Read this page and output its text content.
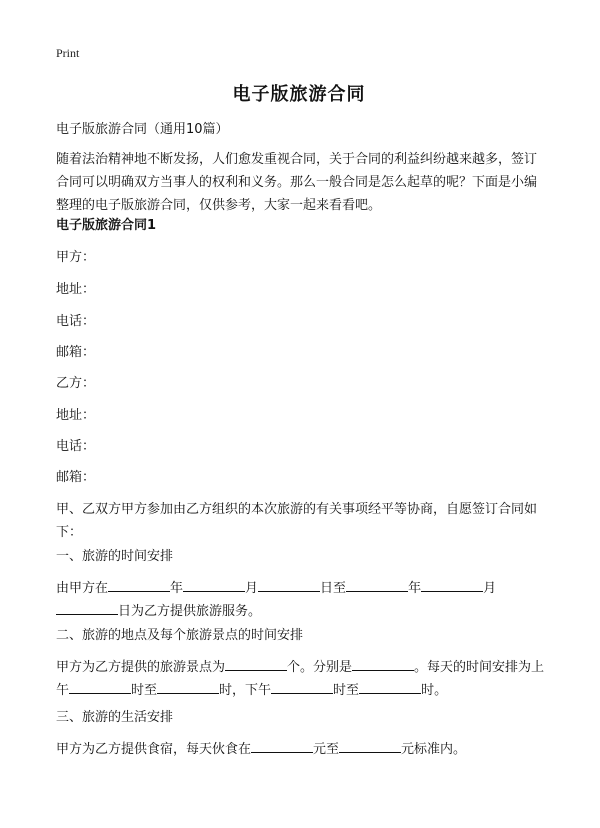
Print
电子版旅游合同
电子版旅游合同（通用10篇）
随着法治精神地不断发扬，人们愈发重视合同，关于合同的利益纠纷越来越多，签订合同可以明确双方当事人的权利和义务。那么一般合同是怎么起草的呢？下面是小编整理的电子版旅游合同，仅供参考，大家一起来看看吧。
电子版旅游合同1
甲方：
地址：
电话：
邮箱：
乙方：
地址：
电话：
邮箱：
甲、乙双方甲方参加由乙方组织的本次旅游的有关事项经平等协商，自愿签订合同如下：
一、旅游的时间安排
由甲方在	年	月	日至	年	月日为乙方提供旅游服务。
二、旅游的地点及每个旅游景点的时间安排
甲方为乙方提供的旅游景点为	个。分别是	。每天的时间安排为上午	时至	时，下午	时至	时。
三、旅游的生活安排
甲方为乙方提供食宿，每天伙食在	元至	元标准内。
